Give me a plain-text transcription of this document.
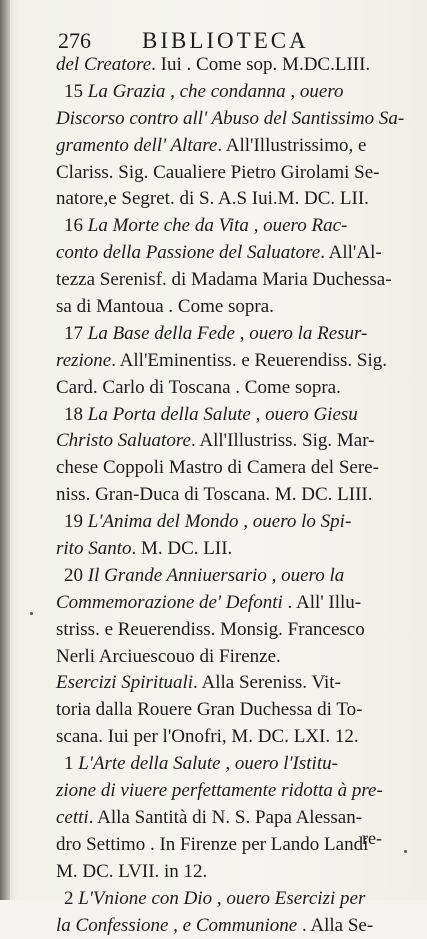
276 BIBLIOTECA
del Creatore. Iui . Come sop. M.DC.LIII.
15 La Grazia , che condanna , ouero
Discorso contro all' Abuso del Santissimo Sa-
gramento dell' Altare. All'Illustrissimo, e
Clariss. Sig. Caualiere Pietro Girolami Se-
natore,e Segret. di S. A.S Iui.M. DC. LII.
16 La Morte che da Vita , ouero Rac-
conto della Passione del Saluatore. All'Al-
tezza Serenisf. di Madama Maria Duchessa-
sa di Mantoua . Come sopra.
17 La Base della Fede , ouero la Resur-
rezione. All'Eminentiss. e Reuerendiss. Sig.
Card. Carlo di Toscana . Come sopra.
18 La Porta della Salute , ouero Giesu
Christo Saluatore. All'Illustriss. Sig. Mar-
chese Coppoli Mastro di Camera del Sere-
niss. Gran-Duca di Toscana. M. DC. LIII.
19 L'Anima del Mondo , ouero lo Spi-
rito Santo. M. DC. LII.
20 Il Grande Anniuersario , ouero la
Commemorazione de' Defonti . All' Illu-
striss. e Reuerendiss. Monsig. Francesco
Nerli Arciuescouo di Firenze.
Esercizi Spirituali. Alla Sereniss. Vit-
toria dalla Rouere Gran Duchessa di To-
scana. Iui per l'Onofri, M. DC. LXI. 12.
1 L'Arte della Salute , ouero l'Istitu-
zione di viuere perfettamente ridotta à pre-
cetti. Alla Santità di N. S. Papa Alessan-
dro Settimo . In Firenze per Lando Landi
M. DC. LVII. in 12.
2 L'Vnione con Dio , ouero Esercizi per
la Confessione , e Communione . Alla Se-
re-
